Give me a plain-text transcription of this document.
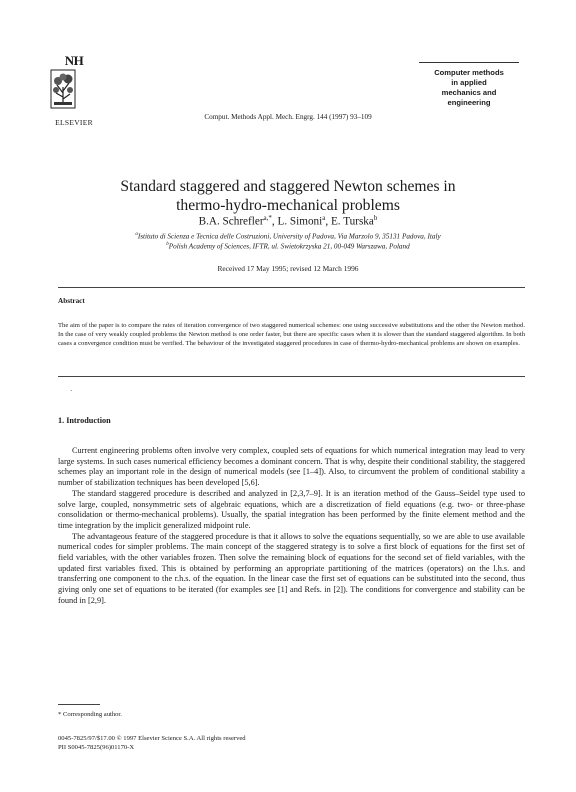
NH
ELSEVIER
Comput. Methods Appl. Mech. Engrg. 144 (1997) 93–109
Computer methods
in applied
mechanics and
engineering
Standard staggered and staggered Newton schemes in
thermo-hydro-mechanical problems
B.A. Schrefler$^{a,*}$, L. Simoni$^a$, E. Turska$^b$
$^a$Istituto di Scienza e Tecnica delle Costruzioni, University of Padova, Via Marzolo 9, 35131 Padova, Italy
$^b$Polish Academy of Sciences, IFTR, ul. Swietokrzyska 21, 00-049 Warszawa, Poland
Received 17 May 1995; revised 12 March 1996
Abstract
The aim of the paper is to compare the rates of iteration convergence of two staggered numerical schemes: one using successive substitutions and the other the Newton method. In the case of very weakly coupled problems the Newton method is one order faster, but there are specific cases when it is slower than the standard staggered algorithm. In both cases a convergence condition must be verified. The behaviour of the investigated staggered procedures in case of thermo-hydro-mechanical problems are shown on examples.
·
1. Introduction

Current engineering problems often involve very complex, coupled sets of equations for which numerical integration may lead to very large systems. In such cases numerical efficiency becomes a dominant concern. That is why, despite their conditional stability, the staggered schemes play an important role in the design of numerical models (see [1–4]). Also, to circumvent the problem of conditional stability a number of stabilization techniques has been developed [5,6].

The standard staggered procedure is described and analyzed in [2,3,7–9]. It is an iteration method of the Gauss–Seidel type used to solve large, coupled, nonsymmetric sets of algebraic equations, which are a discretization of field equations (e.g. two- or three-phase consolidation or thermo-mechanical problems). Usually, the spatial integration has been performed by the finite element method and the time integration by the implicit generalized midpoint rule.

The advantageous feature of the staggered procedure is that it allows to solve the equations sequentially, so we are able to use available numerical codes for simpler problems. The main concept of the staggered strategy is to solve a first block of equations for the first set of field variables, with the other variables frozen. Then solve the remaining block of equations for the second set of field variables, with the updated first variables fixed. This is obtained by performing an appropriate partitioning of the matrices (operators) on the l.h.s. and transferring one component to the r.h.s. of the equation. In the linear case the first set of equations can be substituted into the second, thus giving only one set of equations to be iterated (for examples see [1] and Refs. in [2]). The conditions for convergence and stability can be found in [2,9].

* Corresponding author.
0045-7825/97/$17.00 © 1997 Elsevier Science S.A. All rights reserved
PII S0045-7825(96)01170-X
